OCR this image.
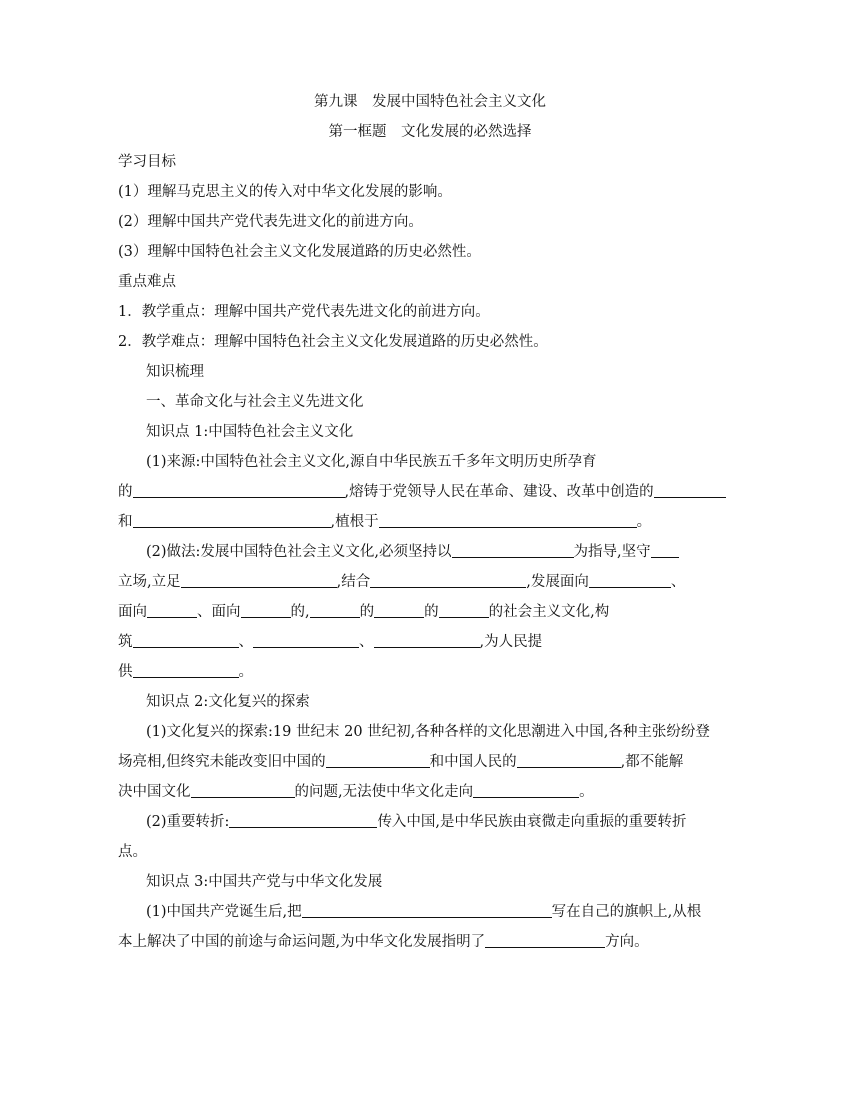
第九课　发展中国特色社会主义文化
第一框题　文化发展的必然选择
学习目标
(1）理解马克思主义的传入对中华文化发展的影响。
(2）理解中国共产党代表先进文化的前进方向。
(3）理解中国特色社会主义文化发展道路的历史必然性。
重点难点
1．教学重点：理解中国共产党代表先进文化的前进方向。
2．教学难点：理解中国特色社会主义文化发展道路的历史必然性。
知识梳理
一、革命文化与社会主义先进文化
知识点 1:中国特色社会主义文化
(1)来源:中国特色社会主义文化,源自中华民族五千多年文明历史所孕育
的	,熔铸于党领导人民在革命、建设、改革中创造的
和	,植根于	。
(2)做法:发展中国特色社会主义文化,必须坚持以	为指导,坚守
立场,立足	,结合	,发展面向	、
面向	、面向	的,	的	的	的社会主义文化,构
筑	、	、	,为人民提
供	。
知识点 2:文化复兴的探索
(1)文化复兴的探索:19 世纪末 20 世纪初,各种各样的文化思潮进入中国,各种主张纷纷登
场亮相,但终究未能改变旧中国的	和中国人民的	,都不能解
决中国文化	的问题,无法使中华文化走向	。
(2)重要转折:	传入中国,是中华民族由衰微走向重振的重要转折
点。
知识点 3:中国共产党与中华文化发展
(1)中国共产党诞生后,把	写在自己的旗帜上,从根
本上解决了中国的前途与命运问题,为中华文化发展指明了	方向。
